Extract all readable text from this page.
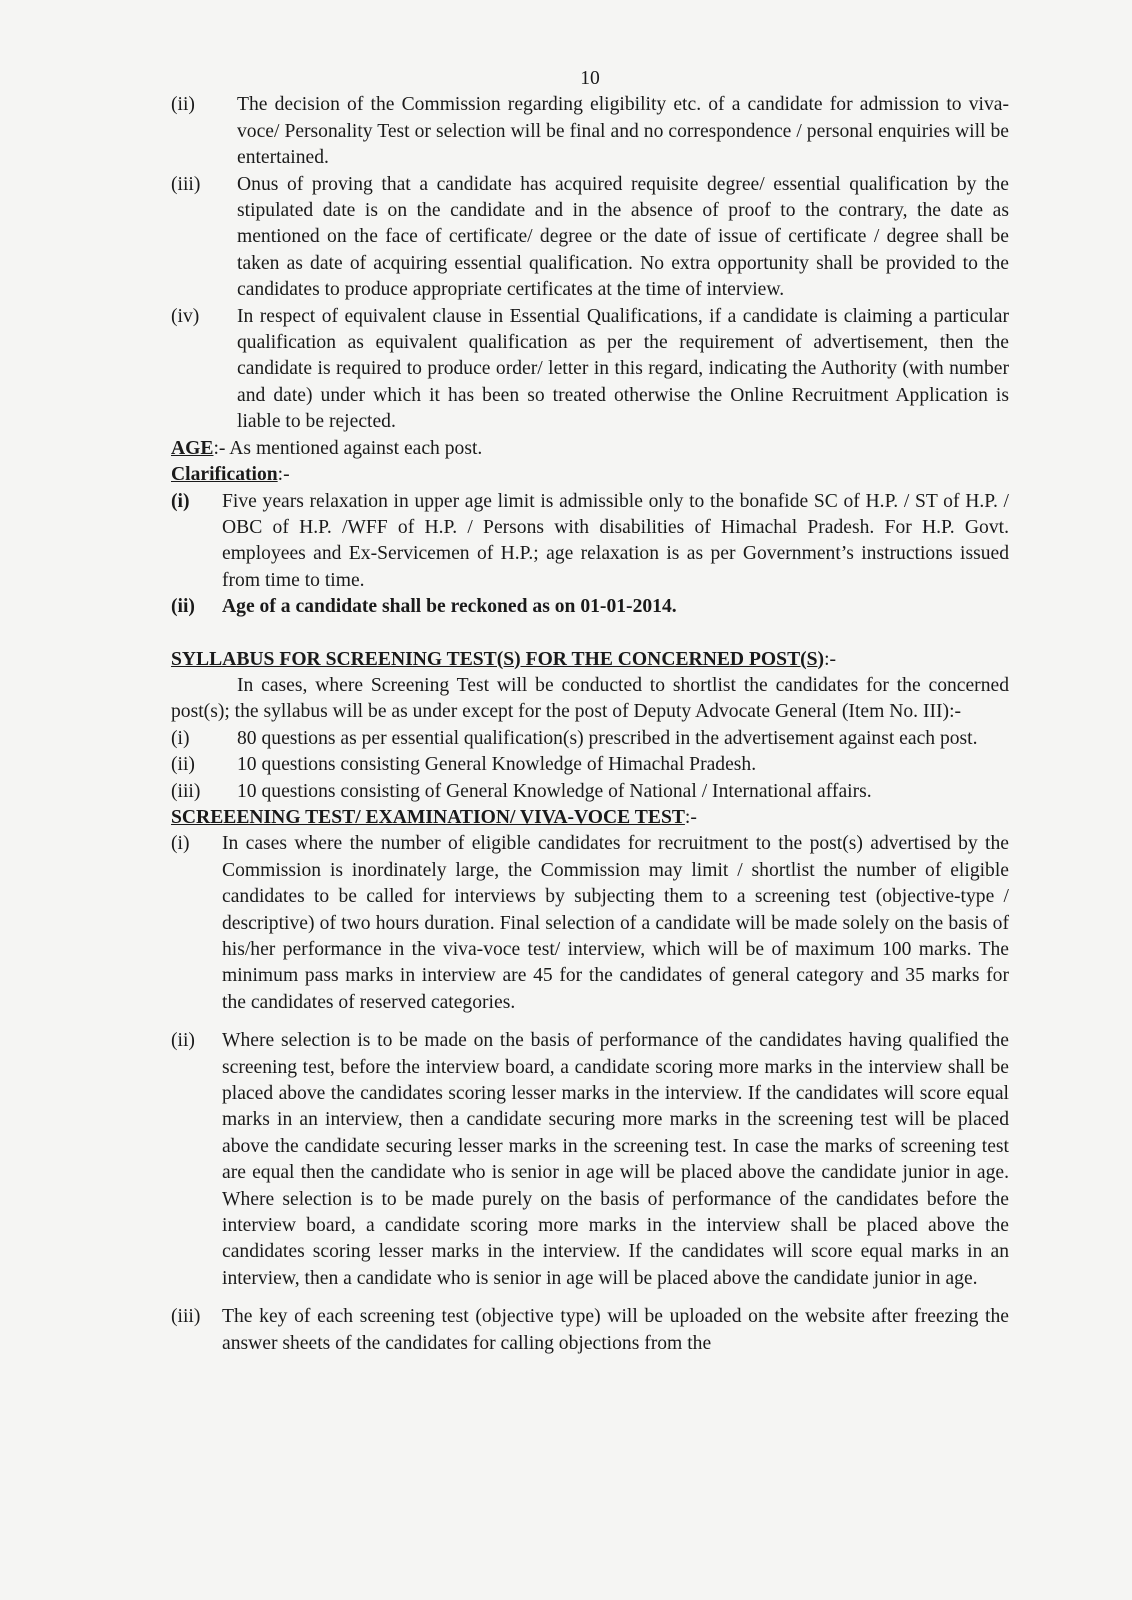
10
(ii)	The decision of the Commission regarding eligibility etc. of a candidate for admission to viva-voce/ Personality Test or selection will be final and no correspondence / personal enquiries will be entertained.
(iii)	Onus of proving that a candidate has acquired requisite degree/ essential qualification by the stipulated date is on the candidate and in the absence of proof to the contrary, the date as mentioned on the face of certificate/ degree or the date of issue of certificate / degree shall be taken as date of acquiring essential qualification. No extra opportunity shall be provided to the candidates to produce appropriate certificates at the time of interview.
(iv)	In respect of equivalent clause in Essential Qualifications, if a candidate is claiming a particular qualification as equivalent qualification as per the requirement of advertisement, then the candidate is required to produce order/ letter in this regard, indicating the Authority (with number and date) under which it has been so treated otherwise the Online Recruitment Application is liable to be rejected.
AGE:- As mentioned against each post.
Clarification:-
(i)	Five years relaxation in upper age limit is admissible only to the bonafide SC of H.P. / ST of H.P. / OBC of H.P. /WFF of H.P. / Persons with disabilities of Himachal Pradesh. For H.P. Govt. employees and Ex-Servicemen of H.P.; age relaxation is as per Government’s instructions issued from time to time.
(ii)	Age of a candidate shall be reckoned as on 01-01-2014.
SYLLABUS FOR SCREENING TEST(S) FOR THE CONCERNED POST(S):-
In cases, where Screening Test will be conducted to shortlist the candidates for the concerned post(s); the syllabus will be as under except for the post of Deputy Advocate General (Item No. III):-
(i)	80 questions as per essential qualification(s) prescribed in the advertisement against each post.
(ii)	10 questions consisting General Knowledge of Himachal Pradesh.
(iii)	10 questions consisting of General Knowledge of National / International affairs.
SCREEENING TEST/ EXAMINATION/ VIVA-VOCE TEST:-
(i)	In cases where the number of eligible candidates for recruitment to the post(s) advertised by the Commission is inordinately large, the Commission may limit / shortlist the number of eligible candidates to be called for interviews by subjecting them to a screening test (objective-type / descriptive) of two hours duration. Final selection of a candidate will be made solely on the basis of his/her performance in the viva-voce test/ interview, which will be of maximum 100 marks. The minimum pass marks in interview are 45 for the candidates of general category and 35 marks for the candidates of reserved categories.
(ii)	Where selection is to be made on the basis of performance of the candidates having qualified the screening test, before the interview board, a candidate scoring more marks in the interview shall be placed above the candidates scoring lesser marks in the interview. If the candidates will score equal marks in an interview, then a candidate securing more marks in the screening test will be placed above the candidate securing lesser marks in the screening test. In case the marks of screening test are equal then the candidate who is senior in age will be placed above the candidate junior in age. Where selection is to be made purely on the basis of performance of the candidates before the interview board, a candidate scoring more marks in the interview shall be placed above the candidates scoring lesser marks in the interview. If the candidates will score equal marks in an interview, then a candidate who is senior in age will be placed above the candidate junior in age.
(iii)	The key of each screening test (objective type) will be uploaded on the website after freezing the answer sheets of the candidates for calling objections from the
